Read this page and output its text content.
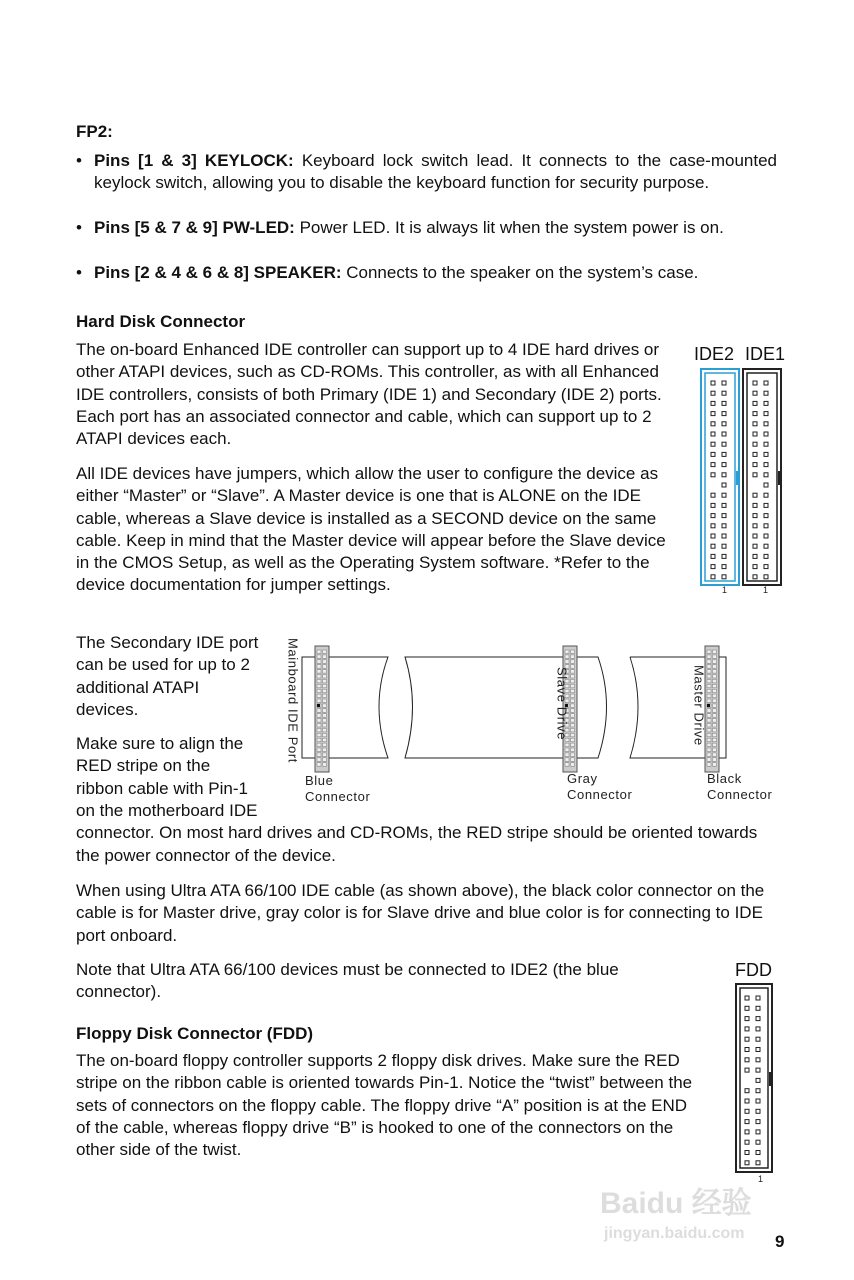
FP2:
• Pins [1 & 3] KEYLOCK: Keyboard lock switch lead. It connects to the case-mounted keylock switch, allowing you to disable the keyboard function for security purpose.
• Pins [5 & 7 & 9] PW-LED: Power LED. It is always lit when the system power is on.
• Pins [2 & 4 & 6 & 8] SPEAKER: Connects to the speaker on the system’s case.
Hard Disk Connector

The on-board Enhanced IDE controller can support up to 4 IDE hard drives or other ATAPI devices, such as CD-ROMs. This controller, as with all Enhanced IDE controllers, consists of both Primary (IDE 1) and Secondary (IDE 2) ports. Each port has an associated connector and cable, which can support up to 2 ATAPI devices each.

All IDE devices have jumpers, which allow the user to configure the device as either “Master” or “Slave”. A Master device is one that is ALONE on the IDE cable, whereas a Slave device is installed as a SECOND device on the same cable. Keep in mind that the Master device will appear before the Slave device in the CMOS Setup, as well as the Operating System software. *Refer to the device documentation for jumper settings.

The Secondary IDE port can be used for up to 2 additional ATAPI devices.

Make sure to align the RED stripe on the ribbon cable with Pin-1 on the motherboard IDE connector. On most hard drives and CD-ROMs, the RED stripe should be oriented towards the power connector of the device.

When using Ultra ATA 66/100 IDE cable (as shown above), the black color connector on the cable is for Master drive, gray color is for Slave drive and blue color is for connecting to IDE port onboard.

Note that Ultra ATA 66/100 devices must be connected to IDE2 (the blue connector).

Floppy Disk Connector (FDD)

The on-board floppy controller supports 2 floppy disk drives. Make sure the RED stripe on the ribbon cable is oriented towards Pin-1. Notice the “twist” between the sets of connectors on the floppy cable. The floppy drive “A” position is at the END of the cable, whereas floppy drive “B” is hooked to one of the connectors on the other side of the twist.

IDE2 IDE1
1	1
Mainboard IDE Port	Slave Drive	Master Drive
Blue
Connector
Gray
Connector
Black
Connector
FDD
1
Baidu 经验
jingyan.baidu.com 9
